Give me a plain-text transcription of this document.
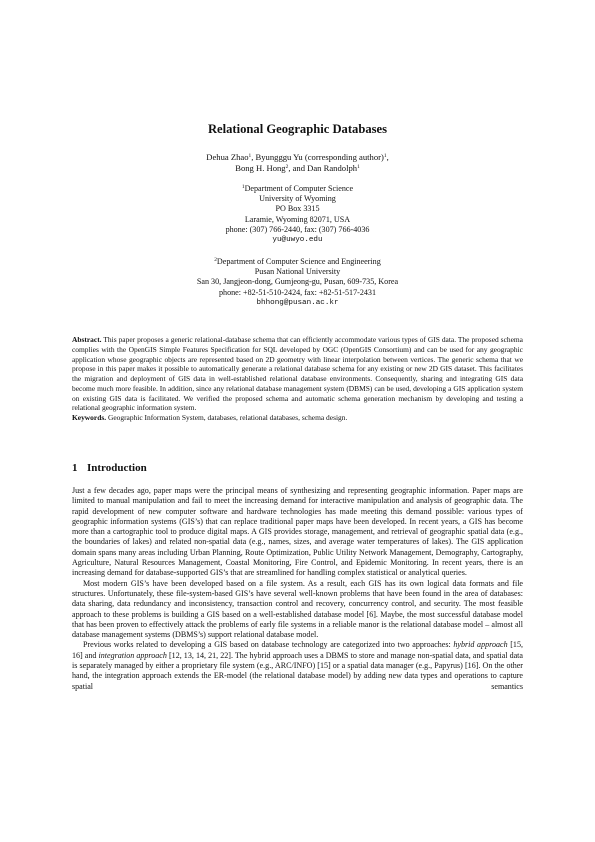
Relational Geographic Databases
Dehua Zhao$^1$, Byungggu Yu (corresponding author)$^1$,
Bong H. Hong$^2$, and Dan Randolph$^1$
$^1$Department of Computer Science
University of Wyoming
PO Box 3315
Laramie, Wyoming 82071, USA
phone: (307) 766-2440, fax: (307) 766-4036
yu@uwyo.edu
$^2$Department of Computer Science and Engineering
Pusan National University
San 30, Jangjeon-dong, Gumjeong-gu, Pusan, 609-735, Korea
phone: +82-51-510-2424, fax: +82-51-517-2431
bhhong@pusan.ac.kr
Abstract. This paper proposes a generic relational-database schema that can efficiently accommodate various types of GIS data. The proposed schema complies with the OpenGIS Simple Features Specification for SQL developed by OGC (OpenGIS Consortium) and can be used for any geographic application whose geographic objects are represented based on 2D geometry with linear interpolation between vertices. The generic schema that we propose in this paper makes it possible to automatically generate a relational database schema for any existing or new 2D GIS dataset. This facilitates the migration and deployment of GIS data in well-established relational database environments. Consequently, sharing and integrating GIS data become much more feasible. In addition, since any relational database management system (DBMS) can be used, developing a GIS application system on existing GIS data is facilitated. We verified the proposed schema and automatic schema generation mechanism by developing and testing a relational geographic information system.
Keywords. Geographic Information System, databases, relational databases, schema design.
1 Introduction

Just a few decades ago, paper maps were the principal means of synthesizing and representing geographic information. Paper maps are limited to manual manipulation and fail to meet the increasing demand for interactive manipulation and analysis of geographic data. The rapid development of new computer software and hardware technologies has made meeting this demand possible: various types of geographic information systems (GIS’s) that can replace traditional paper maps have been developed. In recent years, a GIS has become more than a cartographic tool to produce digital maps. A GIS provides storage, management, and retrieval of geographic spatial data (e.g., the boundaries of lakes) and related non-spatial data (e.g., names, sizes, and average water temperatures of lakes). The GIS application domain spans many areas including Urban Planning, Route Optimization, Public Utility Network Management, Demography, Cartography, Agriculture, Natural Resources Management, Coastal Monitoring, Fire Control, and Epidemic Monitoring. In recent years, there is an increasing demand for database-supported GIS’s that are streamlined for handling complex statistical or analytical queries.

Most modern GIS’s have been developed based on a file system. As a result, each GIS has its own logical data formats and file structures. Unfortunately, these file-system-based GIS’s have several well-known problems that have been found in the area of databases: data sharing, data redundancy and inconsistency, transaction control and recovery, concurrency control, and security. The most feasible approach to these problems is building a GIS based on a well-established database model [6]. Maybe, the most successful database model that has been proven to effectively attack the problems of early file systems in a reliable manor is the relational database model – almost all database management systems (DBMS’s) support relational database model.

Previous works related to developing a GIS based on database technology are categorized into two approaches: hybrid approach [15, 16] and integration approach [12, 13, 14, 21, 22]. The hybrid approach uses a DBMS to store and manage non-spatial data, and spatial data is separately managed by either a proprietary file system (e.g., ARC/INFO) [15] or a spatial data manager (e.g., Papyrus) [16]. On the other hand, the integration approach extends the ER-model (the relational database model) by adding new data types and operations to capture spatial semantics
